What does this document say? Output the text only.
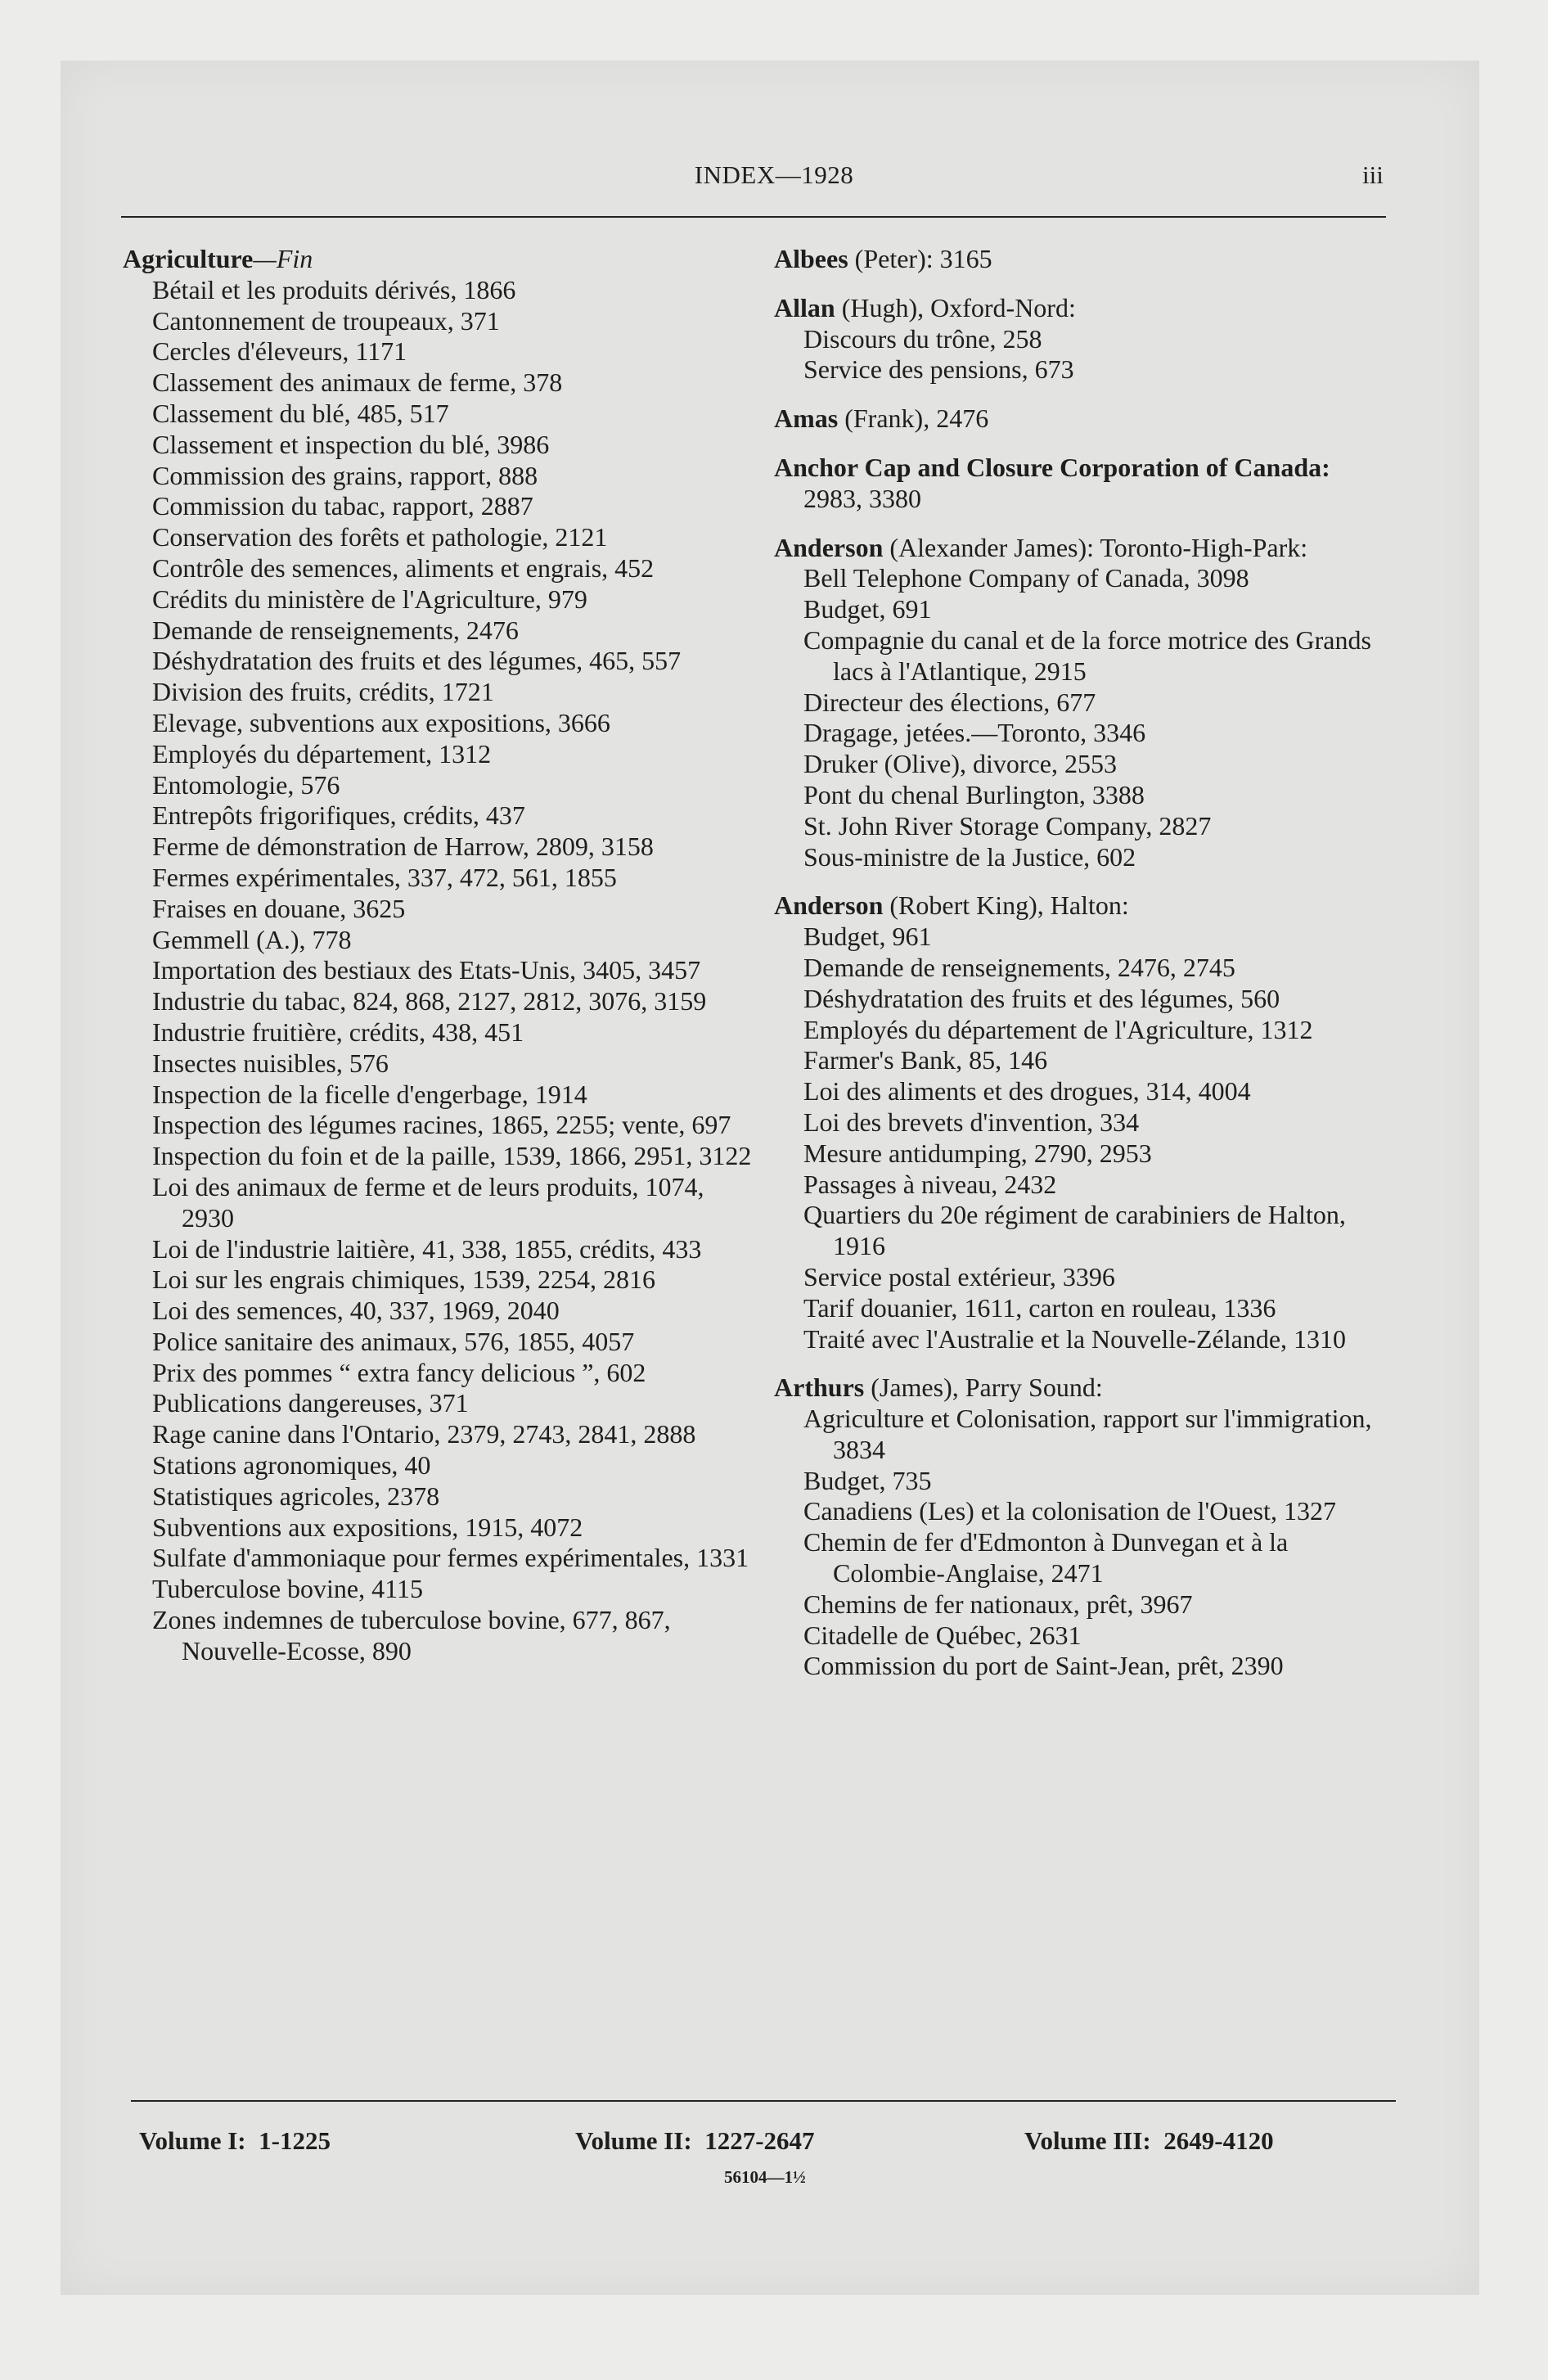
INDEX—1928	iii
Agriculture—Fin
Bétail et les produits dérivés, 1866
Cantonnement de troupeaux, 371
Cercles d'éleveurs, 1171
Classement des animaux de ferme, 378
Classement du blé, 485, 517
Classement et inspection du blé, 3986
Commission des grains, rapport, 888
Commission du tabac, rapport, 2887
Conservation des forêts et pathologie, 2121
Contrôle des semences, aliments et engrais, 452
Crédits du ministère de l'Agriculture, 979
Demande de renseignements, 2476
Déshydratation des fruits et des légumes, 465, 557
Division des fruits, crédits, 1721
Elevage, subventions aux expositions, 3666
Employés du département, 1312
Entomologie, 576
Entrepôts frigorifiques, crédits, 437
Ferme de démonstration de Harrow, 2809, 3158
Fermes expérimentales, 337, 472, 561, 1855
Fraises en douane, 3625
Gemmell (A.), 778
Importation des bestiaux des Etats-Unis, 3405, 3457
Industrie du tabac, 824, 868, 2127, 2812, 3076, 3159
Industrie fruitière, crédits, 438, 451
Insectes nuisibles, 576
Inspection de la ficelle d'engerbage, 1914
Inspection des légumes racines, 1865, 2255; vente, 697
Inspection du foin et de la paille, 1539, 1866, 2951, 3122
Loi des animaux de ferme et de leurs produits, 1074, 2930
Loi de l'industrie laitière, 41, 338, 1855, crédits, 433
Loi sur les engrais chimiques, 1539, 2254, 2816
Loi des semences, 40, 337, 1969, 2040
Police sanitaire des animaux, 576, 1855, 4057
Prix des pommes “ extra fancy delicious ”, 602
Publications dangereuses, 371
Rage canine dans l'Ontario, 2379, 2743, 2841, 2888
Stations agronomiques, 40
Statistiques agricoles, 2378
Subventions aux expositions, 1915, 4072
Sulfate d'ammoniaque pour fermes expérimentales, 1331
Tuberculose bovine, 4115
Zones indemnes de tuberculose bovine, 677, 867, Nouvelle-Ecosse, 890
Albees (Peter): 3165
Allan (Hugh), Oxford-Nord:
Discours du trône, 258
Service des pensions, 673
Amas (Frank), 2476
Anchor Cap and Closure Corporation of Canada:
2983, 3380
Anderson (Alexander James): Toronto-High-Park:
Bell Telephone Company of Canada, 3098
Budget, 691
Compagnie du canal et de la force motrice des Grands lacs à l'Atlantique, 2915
Directeur des élections, 677
Dragage, jetées.—Toronto, 3346
Druker (Olive), divorce, 2553
Pont du chenal Burlington, 3388
St. John River Storage Company, 2827
Sous-ministre de la Justice, 602
Anderson (Robert King), Halton:
Budget, 961
Demande de renseignements, 2476, 2745
Déshydratation des fruits et des légumes, 560
Employés du département de l'Agriculture, 1312
Farmer's Bank, 85, 146
Loi des aliments et des drogues, 314, 4004
Loi des brevets d'invention, 334
Mesure antidumping, 2790, 2953
Passages à niveau, 2432
Quartiers du 20e régiment de carabiniers de Halton, 1916
Service postal extérieur, 3396
Tarif douanier, 1611, carton en rouleau, 1336
Traité avec l'Australie et la Nouvelle-Zélande, 1310
Arthurs (James), Parry Sound:
Agriculture et Colonisation, rapport sur l'immigration, 3834
Budget, 735
Canadiens (Les) et la colonisation de l'Ouest, 1327
Chemin de fer d'Edmonton à Dunvegan et à la Colombie-Anglaise, 2471
Chemins de fer nationaux, prêt, 3967
Citadelle de Québec, 2631
Commission du port de Saint-Jean, prêt, 2390
Volume I: 1-1225	Volume II: 1227-2647	Volume III: 2649-4120
56104—1½
